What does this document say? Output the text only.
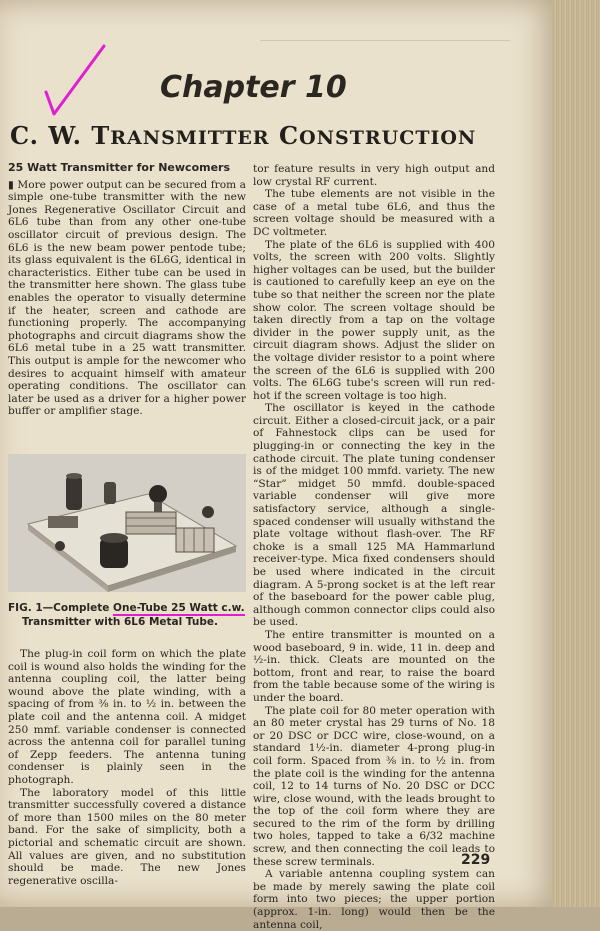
Chapter 10
C. W. TRANSMITTER CONSTRUCTION
25 Watt Transmitter for Newcomers

▮ More power output can be secured from a simple one-tube transmitter with the new Jones Regenerative Oscillator Circuit and 6L6 tube than from any other one-tube oscillator circuit of previous design. The 6L6 is the new beam power pentode tube; its glass equivalent is the 6L6G, identical in characteristics. Either tube can be used in the transmitter here shown. The glass tube enables the operator to visually determine if the heater, screen and cathode are functioning properly. The accompanying photographs and circuit diagrams show the 6L6 metal tube in a 25 watt transmitter. This output is ample for the newcomer who desires to acquaint himself with amateur operating conditions. The oscillator can later be used as a driver for a higher power buffer or amplifier stage.

FIG. 1—Complete One-Tube 25 Watt c.w.
Transmitter with 6L6 Metal Tube.

The plug-in coil form on which the plate coil is wound also holds the winding for the antenna coupling coil, the latter being wound above the plate winding, with a spacing of from ⅜ in. to ½ in. between the plate coil and the antenna coil. A midget 250 mmf. variable condenser is connected across the antenna coil for parallel tuning of Zepp feeders. The antenna tuning condenser is plainly seen in the photograph.

The laboratory model of this little transmitter successfully covered a distance of more than 1500 miles on the 80 meter band. For the sake of simplicity, both a pictorial and schematic circuit are shown. All values are given, and no substitution should be made. The new Jones regenerative oscilla-

tor feature results in very high output and low crystal RF current.

The tube elements are not visible in the case of a metal tube 6L6, and thus the screen voltage should be measured with a DC voltmeter.

The plate of the 6L6 is supplied with 400 volts, the screen with 200 volts. Slightly higher voltages can be used, but the builder is cautioned to carefully keep an eye on the tube so that neither the screen nor the plate show color. The screen voltage should be taken directly from a tap on the voltage divider in the power supply unit, as the circuit diagram shows. Adjust the slider on the voltage divider resistor to a point where the screen of the 6L6 is supplied with 200 volts. The 6L6G tube's screen will run red-hot if the screen voltage is too high.

The oscillator is keyed in the cathode circuit. Either a closed-circuit jack, or a pair of Fahnestock clips can be used for plugging-in or connecting the key in the cathode circuit. The plate tuning condenser is of the midget 100 mmfd. variety. The new “Star” midget 50 mmfd. double-spaced variable condenser will give more satisfactory service, although a single-spaced condenser will usually withstand the plate voltage without flash-over. The RF choke is a small 125 MA Hammarlund receiver-type. Mica fixed condensers should be used where indicated in the circuit diagram. A 5-prong socket is at the left rear of the baseboard for the power cable plug, although common connector clips could also be used.

The entire transmitter is mounted on a wood baseboard, 9 in. wide, 11 in. deep and ½-in. thick. Cleats are mounted on the bottom, front and rear, to raise the board from the table because some of the wiring is under the board.

The plate coil for 80 meter operation with an 80 meter crystal has 29 turns of No. 18 or 20 DSC or DCC wire, close-wound, on a standard 1½-in. diameter 4-prong plug-in coil form. Spaced from ⅜ in. to ½ in. from the plate coil is the winding for the antenna coil, 12 to 14 turns of No. 20 DSC or DCC wire, close wound, with the leads brought to the top of the coil form where they are secured to the rim of the form by drilling two holes, tapped to take a 6/32 machine screw, and then connecting the coil leads to these screw terminals.

A variable antenna coupling system can be made by merely sawing the plate coil form into two pieces; the upper portion (approx. 1-in. long) would then be the antenna coil,

229
